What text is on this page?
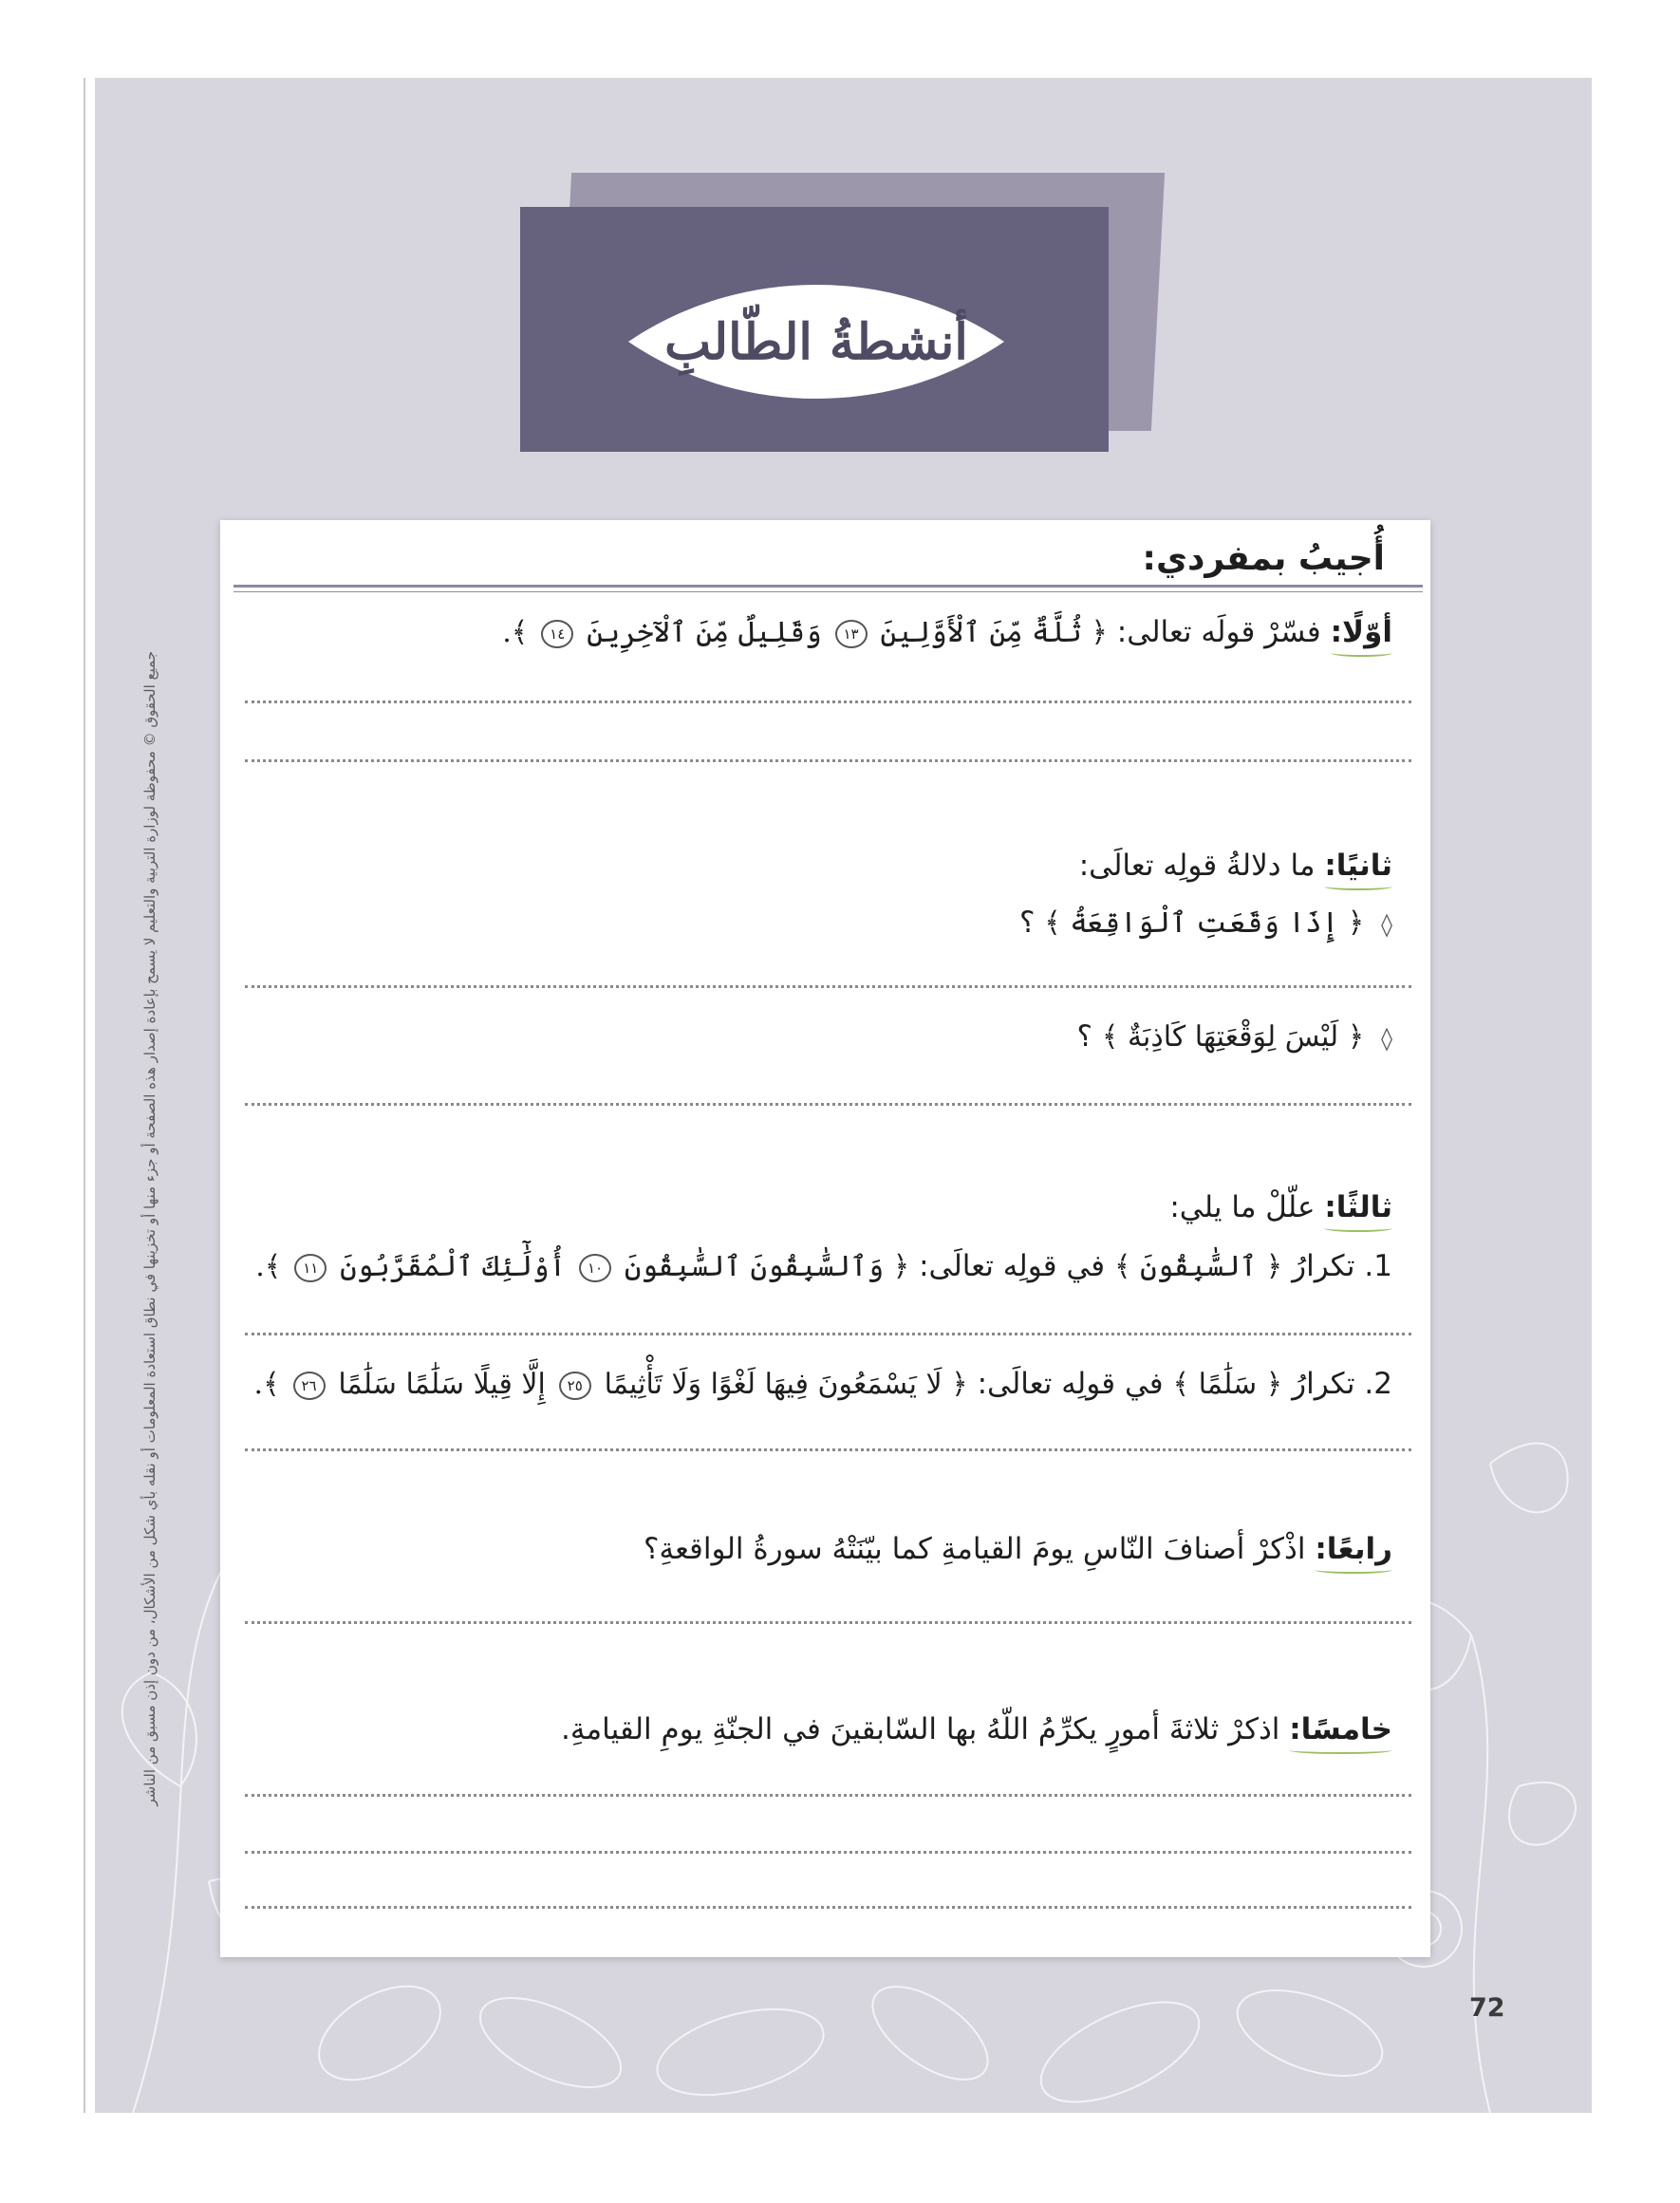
أنشطةُ الطّالبِ
جميع الحقوق © محفوظة لوزارة التربية والتعليم لا يسمح بإعادة إصدار هذه الصفحة أو جزء منها أو تخزينها في نطاق استعادة المعلومات أو نقله بأي شكل من الأشكال، من دون إذن مسبق من الناشر
أُجيبُ بمفردي:
أوّلًا: فسّرْ قولَه تعالى: ﴿ ثُلَّةٌ مِّنَ ٱلْأَوَّلِينَ ١٣ وَقَلِيلٌ مِّنَ ٱلْآخِرِينَ ١٤ ﴾.
ثانيًا: ما دلالةُ قولِه تعالَى:
◊ ﴿ إِذَا وَقَعَتِ ٱلْوَاقِعَةُ ﴾ ؟
◊ ﴿ لَيْسَ لِوَقْعَتِهَا كَاذِبَةٌ ﴾ ؟
ثالثًا: علّلْ ما يلي:
1. تكرارُ ﴿ ٱلسَّٰبِقُونَ ﴾ في قولِه تعالَى: ﴿ وَٱلسَّٰبِقُونَ ٱلسَّٰبِقُونَ ١٠ أُوْلَٰٓئِكَ ٱلْمُقَرَّبُونَ ١١ ﴾.
2. تكرارُ ﴿ سَلَٰمًا ﴾ في قولِه تعالَى: ﴿ لَا يَسْمَعُونَ فِيهَا لَغْوًا وَلَا تَأْثِيمًا ٢٥ إِلَّا قِيلًا سَلَٰمًا سَلَٰمًا ٢٦ ﴾.
رابعًا: اذْكرْ أصنافَ النّاسِ يومَ القيامةِ كما بيّنَتْهُ سورةُ الواقعةِ؟
خامسًا: اذكرْ ثلاثةَ أمورٍ يكرِّمُ اللّهُ بها السّابقينَ في الجنّةِ يومِ القيامةِ.
72
